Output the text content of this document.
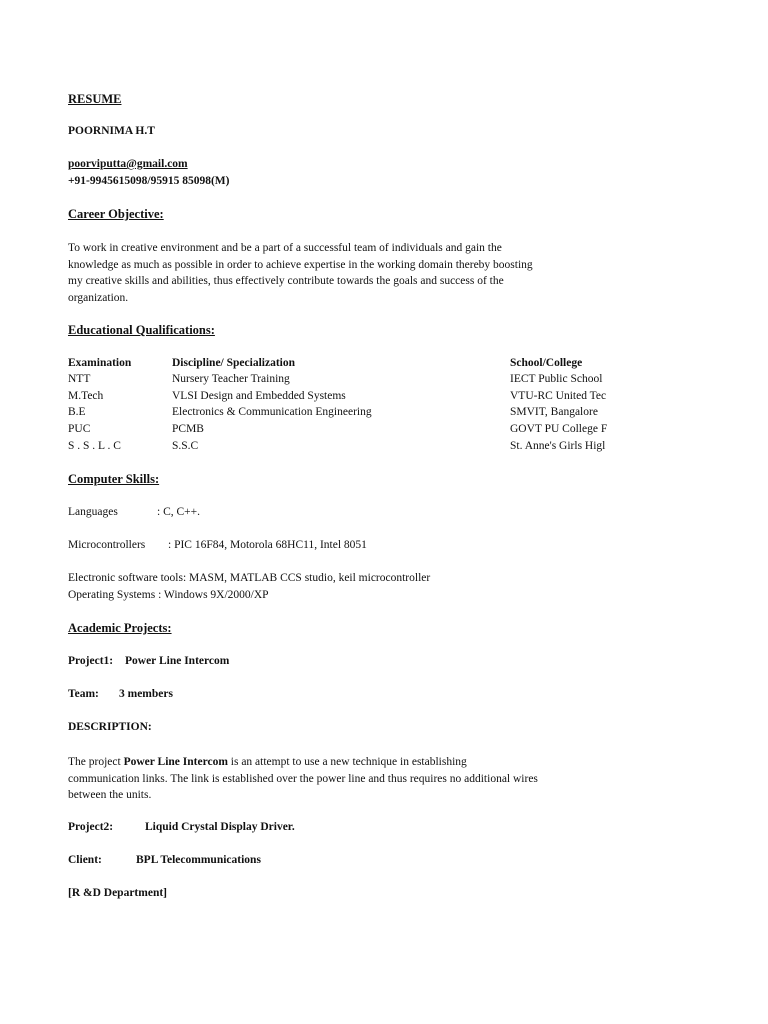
RESUME
POORNIMA H.T
poorviputta@gmail.com
+91-9945615098/95915 85098(M)
Career Objective:

To work in creative environment and be a part of a successful team of individuals and gain the

knowledge as much as possible in order to achieve expertise in the working domain thereby boosting

my creative skills and abilities, thus effectively contribute towards the goals and success of the

organization.

Educational Qualifications:
Examination	Discipline/ Specialization	School/College
NTT	Nursery Teacher Training	IECT Public School
M.Tech	VLSI Design and Embedded Systems	VTU-RC United Tec
B.E	Electronics & Communication Engineering	SMVIT, Bangalore
PUC	PCMB	GOVT PU College F
S . S . L . C	S.S.C	St. Anne's Girls Higl
Computer Skills:
Languages	: C, C++.
Microcontrollers : PIC 16F84, Motorola 68HC11, Intel 8051
Electronic software tools: MASM, MATLAB CCS studio, keil microcontroller
Operating Systems : Windows 9X/2000/XP
Academic Projects:
Project1: Power Line Intercom
Team: 3 members
DESCRIPTION:

The project Power Line Intercom is an attempt to use a new technique in establishing

communication links. The link is established over the power line and thus requires no additional wires

between the units.

Project2:	Liquid Crystal Display Driver.
Client:	BPL Telecommunications
[R &D Department]
